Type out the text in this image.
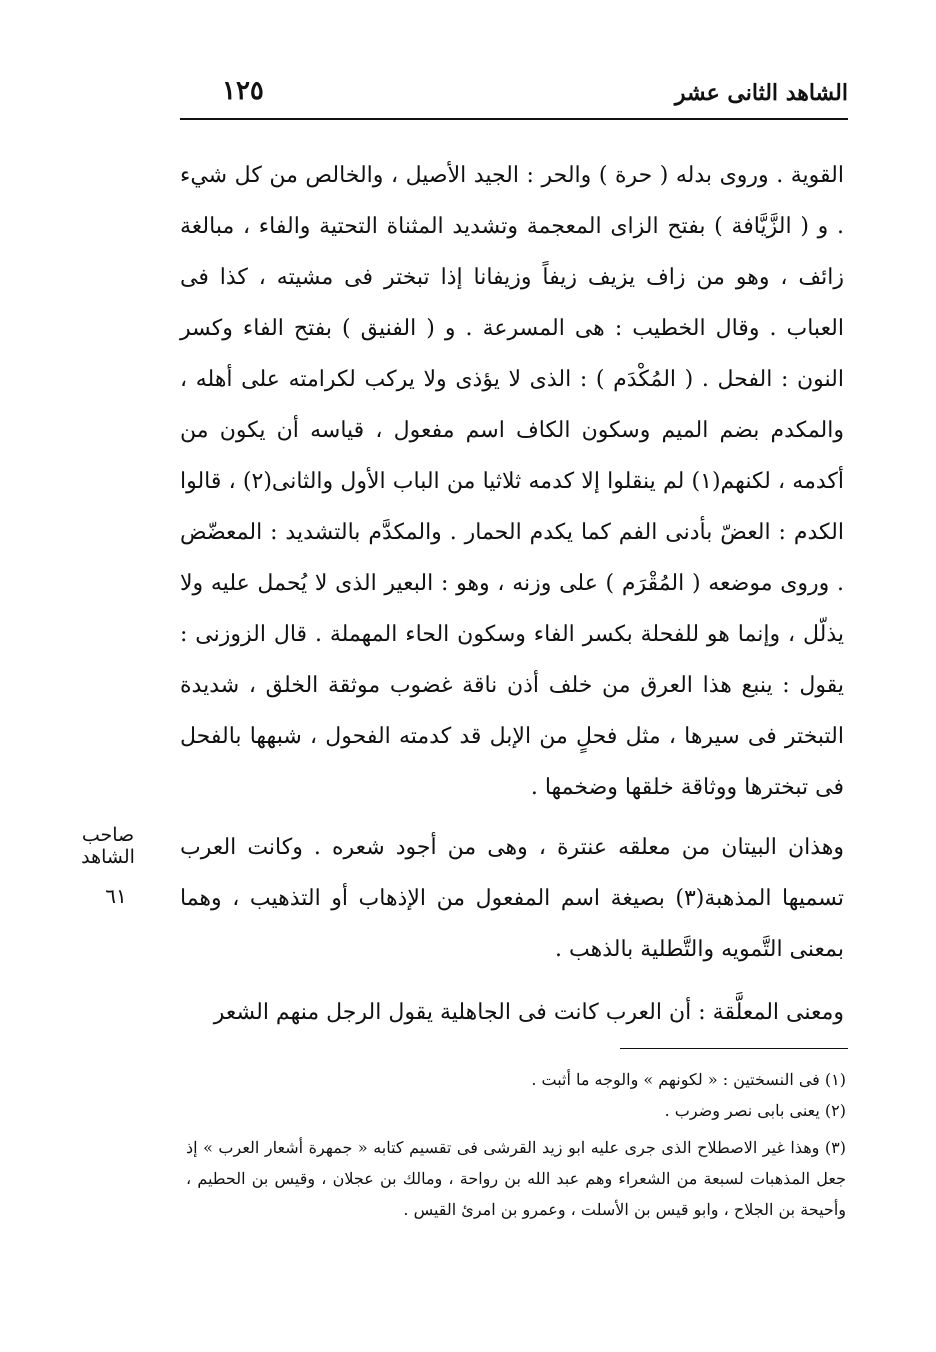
الشاهد الثانى عشر
١٢٥

القوية . وروى بدله ( حرة ) والحر : الجيد الأصيل ، والخالص من كل شيء . و ( الزَّيَّافة ) بفتح الزاى المعجمة وتشديد المثناة التحتية والفاء ، مبالغة زائف ، وهو من زاف يزيف زيفاً وزيفانا إذا تبختر فى مشيته ، كذا فى العباب . وقال الخطيب : هى المسرعة . و ( الفنيق ) بفتح الفاء وكسر النون : الفحل . ( المُكْدَم ) : الذى لا يؤذى ولا يركب لكرامته على أهله ، والمكدم بضم الميم وسكون الكاف اسم مفعول ، قياسه أن يكون من أكدمه ، لكنهم(١) لم ينقلوا إلا كدمه ثلاثيا من الباب الأول والثانى(٢) ، قالوا الكدم : العضّ بأدنى الفم كما يكدم الحمار . والمكدَّم بالتشديد : المعضّض . وروى موضعه ( المُقْرَم ) على وزنه ، وهو : البعير الذى لا يُحمل عليه ولا يذلّل ، وإنما هو للفحلة بكسر الفاء وسكون الحاء المهملة . قال الزوزنى : يقول : ينبع هذا العرق من خلف أذن ناقة غضوب موثقة الخلق ، شديدة التبختر فى سيرها ، مثل فحلٍ من الإبل قد كدمته الفحول ، شبهها بالفحل فى تبخترها ووثاقة خلقها وضخمها .

وهذان البيتان من معلقه عنترة ، وهى من أجود شعره . وكانت العرب تسميها المذهبة(٣) بصيغة اسم المفعول من الإذهاب أو التذهيب ، وهما بمعنى التَّمويه والتَّطلية بالذهب .

ومعنى المعلَّقة : أن العرب كانت فى الجاهلية يقول الرجل منهم الشعر

صاحب الشاهد
٦١

(١) فى النسختين : « لكونهم » والوجه ما أثبت .

(٢) يعنى بابى نصر وضرب .

(٣) وهذا غير الاصطلاح الذى جرى عليه ابو زيد القرشى فى تقسيم كتابه « جمهرة أشعار العرب » إذ جعل المذهبات لسبعة من الشعراء وهم عبد الله بن رواحة ، ومالك بن عجلان ، وقيس بن الحطيم ، وأحيحة بن الجلاح ، وابو قيس بن الأسلت ، وعمرو بن امرئ القيس .
